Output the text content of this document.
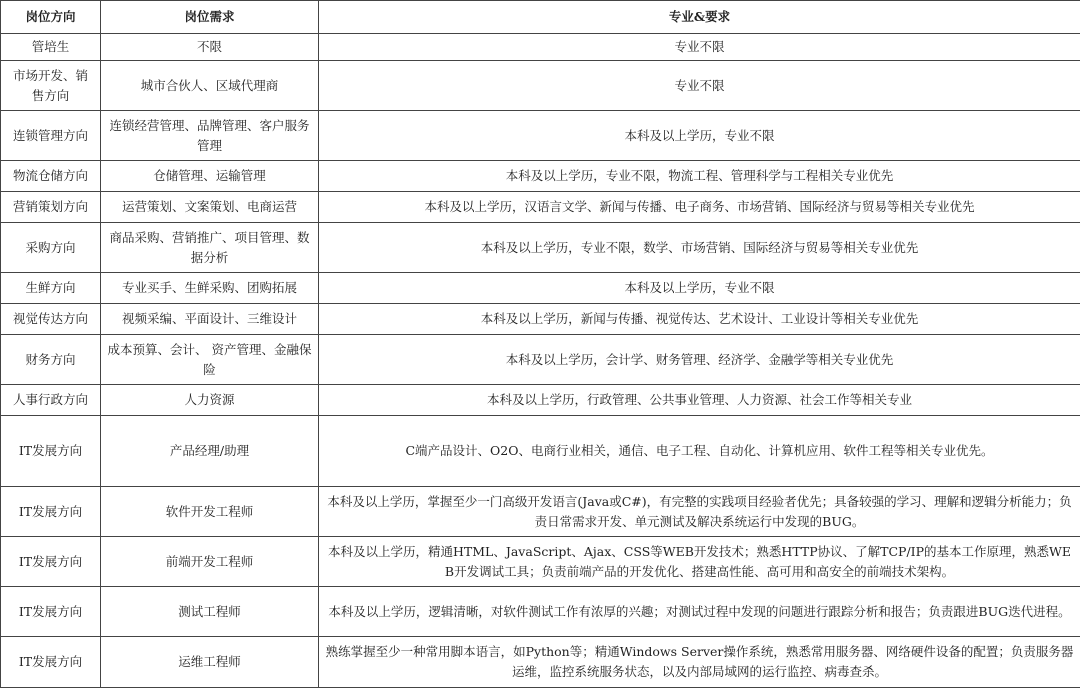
岗位方向	岗位需求	专业&要求
管培生	不限	专业不限
市场开发、销售方向	城市合伙人、区域代理商	专业不限
连锁管理方向	连锁经营管理、品牌管理、客户服务管理	本科及以上学历，专业不限
物流仓储方向	仓储管理、运输管理	本科及以上学历，专业不限，物流工程、管理科学与工程相关专业优先
营销策划方向	运营策划、文案策划、电商运营	本科及以上学历，汉语言文学、新闻与传播、电子商务、市场营销、国际经济与贸易等相关专业优先
采购方向	商品采购、营销推广、项目管理、数据分析	本科及以上学历，专业不限，数学、市场营销、国际经济与贸易等相关专业优先
生鲜方向	专业买手、生鲜采购、团购拓展	本科及以上学历，专业不限
视觉传达方向	视频采编、平面设计、三维设计	本科及以上学历，新闻与传播、视觉传达、艺术设计、工业设计等相关专业优先
财务方向	成本预算、会计、 资产管理、金融保险	本科及以上学历，会计学、财务管理、经济学、金融学等相关专业优先
人事行政方向	人力资源	本科及以上学历，行政管理、公共事业管理、人力资源、社会工作等相关专业
IT发展方向	产品经理/助理	C端产品设计、O2O、电商行业相关，通信、电子工程、自动化、计算机应用、软件工程等相关专业优先。
IT发展方向	软件开发工程师	本科及以上学历，掌握至少一门高级开发语言(Java或C#)，有完整的实践项目经验者优先；具备较强的学习、理解和逻辑分析能力；负责日常需求开发、单元测试及解决系统运行中发现的BUG。
IT发展方向	前端开发工程师	本科及以上学历，精通HTML、JavaScript、Ajax、CSS等WEB开发技术；熟悉HTTP协议、了解TCP/IP的基本工作原理，熟悉WEB开发调试工具；负责前端产品的开发优化、搭建高性能、高可用和高安全的前端技术架构。
IT发展方向	测试工程师	本科及以上学历，逻辑清晰，对软件测试工作有浓厚的兴趣；对测试过程中发现的问题进行跟踪分析和报告；负责跟进BUG迭代进程。
IT发展方向	运维工程师	熟练掌握至少一种常用脚本语言，如Python等；精通Windows Server操作系统，熟悉常用服务器、网络硬件设备的配置；负责服务器运维，监控系统服务状态，以及内部局域网的运行监控、病毒查杀。
